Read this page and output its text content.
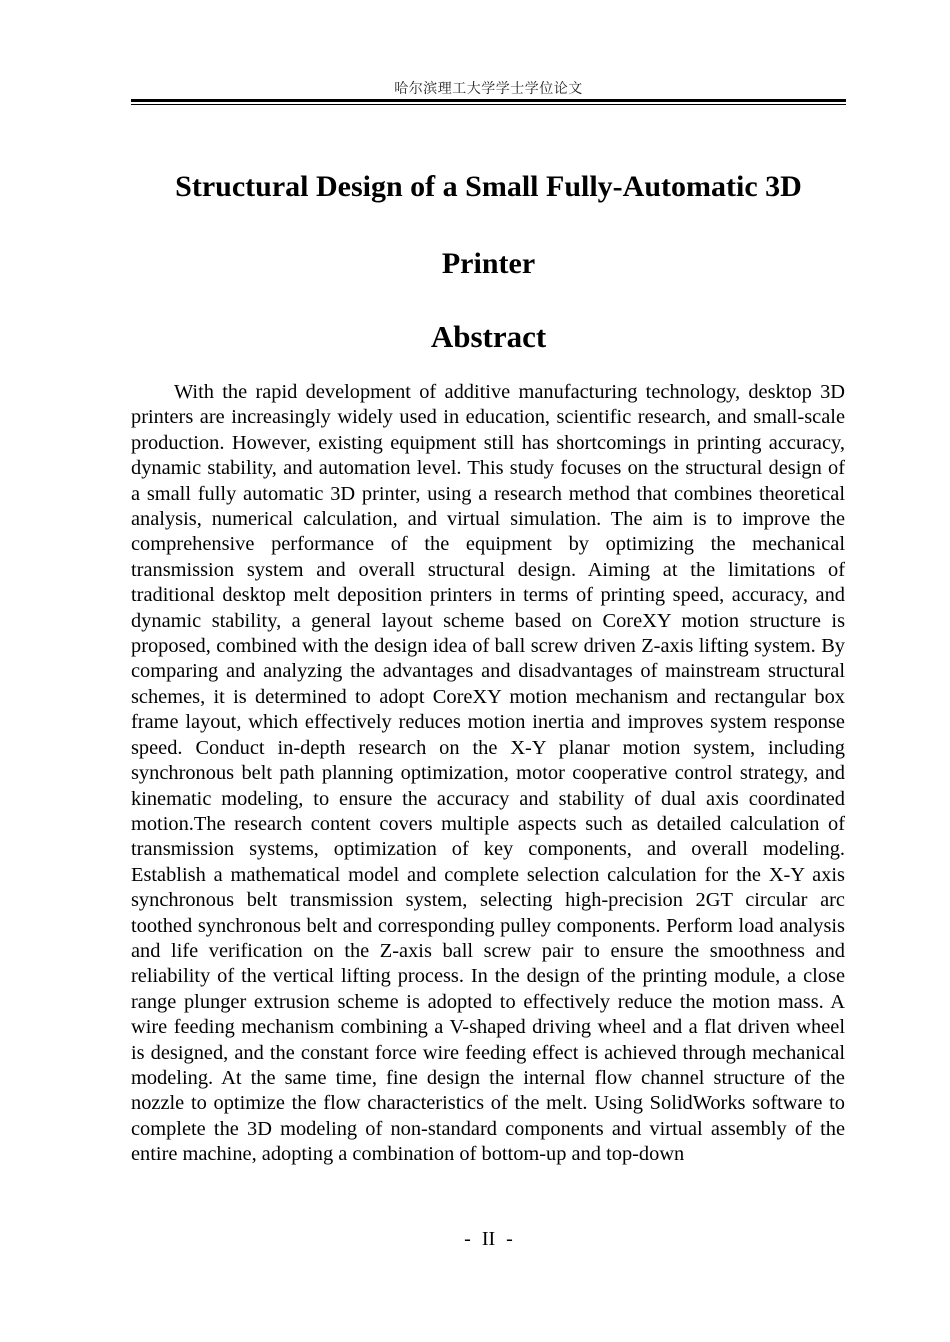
哈尔滨理工大学学士学位论文
Structural Design of a Small Fully-Automatic 3D Printer
Abstract

With the rapid development of additive manufacturing technology, desktop 3D printers are increasingly widely used in education, scientific research, and small-scale production. However, existing equipment still has shortcomings in printing accuracy, dynamic stability, and automation level. This study focuses on the structural design of a small fully automatic 3D printer, using a research method that combines theoretical analysis, numerical calculation, and virtual simulation. The aim is to improve the comprehensive performance of the equipment by optimizing the mechanical transmission system and overall structural design. Aiming at the limitations of traditional desktop melt deposition printers in terms of printing speed, accuracy, and dynamic stability, a general layout scheme based on CoreXY motion structure is proposed, combined with the design idea of ball screw driven Z-axis lifting system. By comparing and analyzing the advantages and disadvantages of mainstream structural schemes, it is determined to adopt CoreXY motion mechanism and rectangular box frame layout, which effectively reduces motion inertia and improves system response speed. Conduct in-depth research on the X-Y planar motion system, including synchronous belt path planning optimization, motor cooperative control strategy, and kinematic modeling, to ensure the accuracy and stability of dual axis coordinated motion.The research content covers multiple aspects such as detailed calculation of transmission systems, optimization of key components, and overall modeling. Establish a mathematical model and complete selection calculation for the X-Y axis synchronous belt transmission system, selecting high-precision 2GT circular arc toothed synchronous belt and corresponding pulley components. Perform load analysis and life verification on the Z-axis ball screw pair to ensure the smoothness and reliability of the vertical lifting process. In the design of the printing module, a close range plunger extrusion scheme is adopted to effectively reduce the motion mass. A wire feeding mechanism combining a V-shaped driving wheel and a flat driven wheel is designed, and the constant force wire feeding effect is achieved through mechanical modeling. At the same time, fine design the internal flow channel structure of the nozzle to optimize the flow characteristics of the melt. Using SolidWorks software to complete the 3D modeling of non-standard components and virtual assembly of the entire machine, adopting a combination of bottom-up and top-down

- II -
